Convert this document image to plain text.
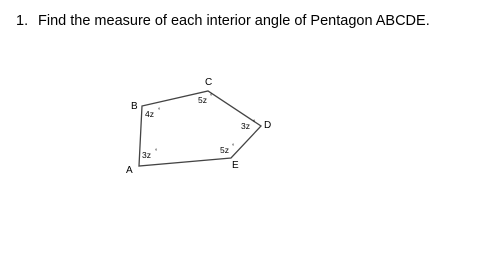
1. Find the measure of each interior angle of Pentagon ABCDE.
A
B
C
D
E
3z °
4z °
5z °
3z °
5z °
